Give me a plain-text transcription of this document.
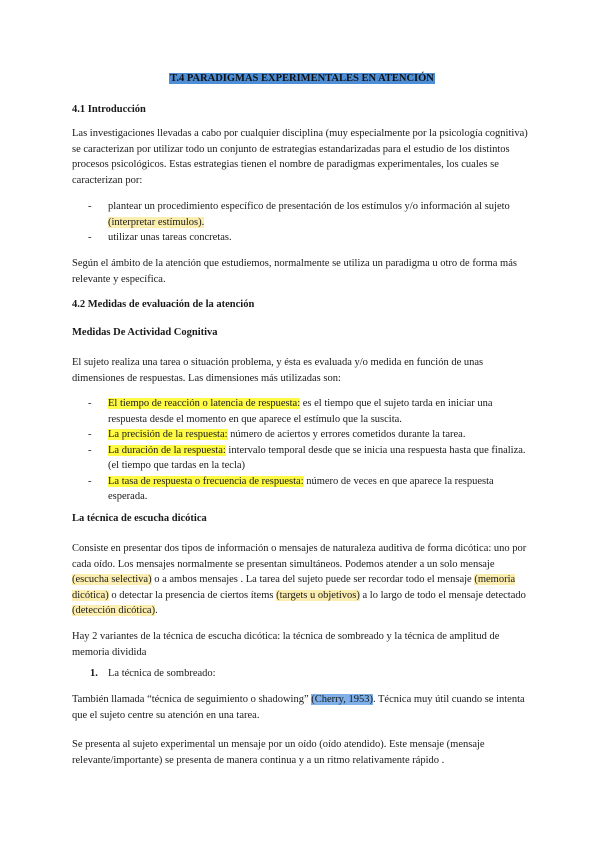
T.4 PARADIGMAS EXPERIMENTALES EN ATENCIÓN
4.1 Introducción

Las investigaciones llevadas a cabo por cualquier disciplina (muy especialmente por la psicología cognitiva) se caracterizan por utilizar todo un conjunto de estrategias estandarizadas para el estudio de los distintos procesos psicológicos. Estas estrategias tienen el nombre de paradigmas experimentales, los cuales se caracterizan por:

- plantear un procedimiento específico de presentación de los estímulos y/o información al sujeto (interpretar estímulos).
- utilizar unas tareas concretas.

Según el ámbito de la atención que estudiemos, normalmente se utiliza un paradigma u otro de forma más relevante y específica.

4.2 Medidas de evaluación de la atención
Medidas De Actividad Cognitiva

El sujeto realiza una tarea o situación problema, y ésta es evaluada y/o medida en función de unas dimensiones de respuestas. Las dimensiones más utilizadas son:

- El tiempo de reacción o latencia de respuesta: es el tiempo que el sujeto tarda en iniciar una respuesta desde el momento en que aparece el estímulo que la suscita.
- La precisión de la respuesta: número de aciertos y errores cometidos durante la tarea.
- La duración de la respuesta: intervalo temporal desde que se inicia una respuesta hasta que finaliza. (el tiempo que tardas en la tecla)
- La tasa de respuesta o frecuencia de respuesta: número de veces en que aparece la respuesta esperada.
La técnica de escucha dicótica

Consiste en presentar dos tipos de información o mensajes de naturaleza auditiva de forma dicótica: uno por cada oído. Los mensajes normalmente se presentan simultáneos. Podemos atender a un solo mensaje (escucha selectiva) o a ambos mensajes . La tarea del sujeto puede ser recordar todo el mensaje (memoria dicótica) o detectar la presencia de ciertos ítems (targets u objetivos) a lo largo de todo el mensaje detectado (detección dicótica).

Hay 2 variantes de la técnica de escucha dicótica: la técnica de sombreado y la técnica de amplitud de memoria dividida

1. La técnica de sombreado:

También llamada “técnica de seguimiento o shadowing” (Cherry, 1953). Técnica muy útil cuando se intenta que el sujeto centre su atención en una tarea.

Se presenta al sujeto experimental un mensaje por un oído (oído atendido). Este mensaje (mensaje relevante/importante) se presenta de manera continua y a un ritmo relativamente rápido .
